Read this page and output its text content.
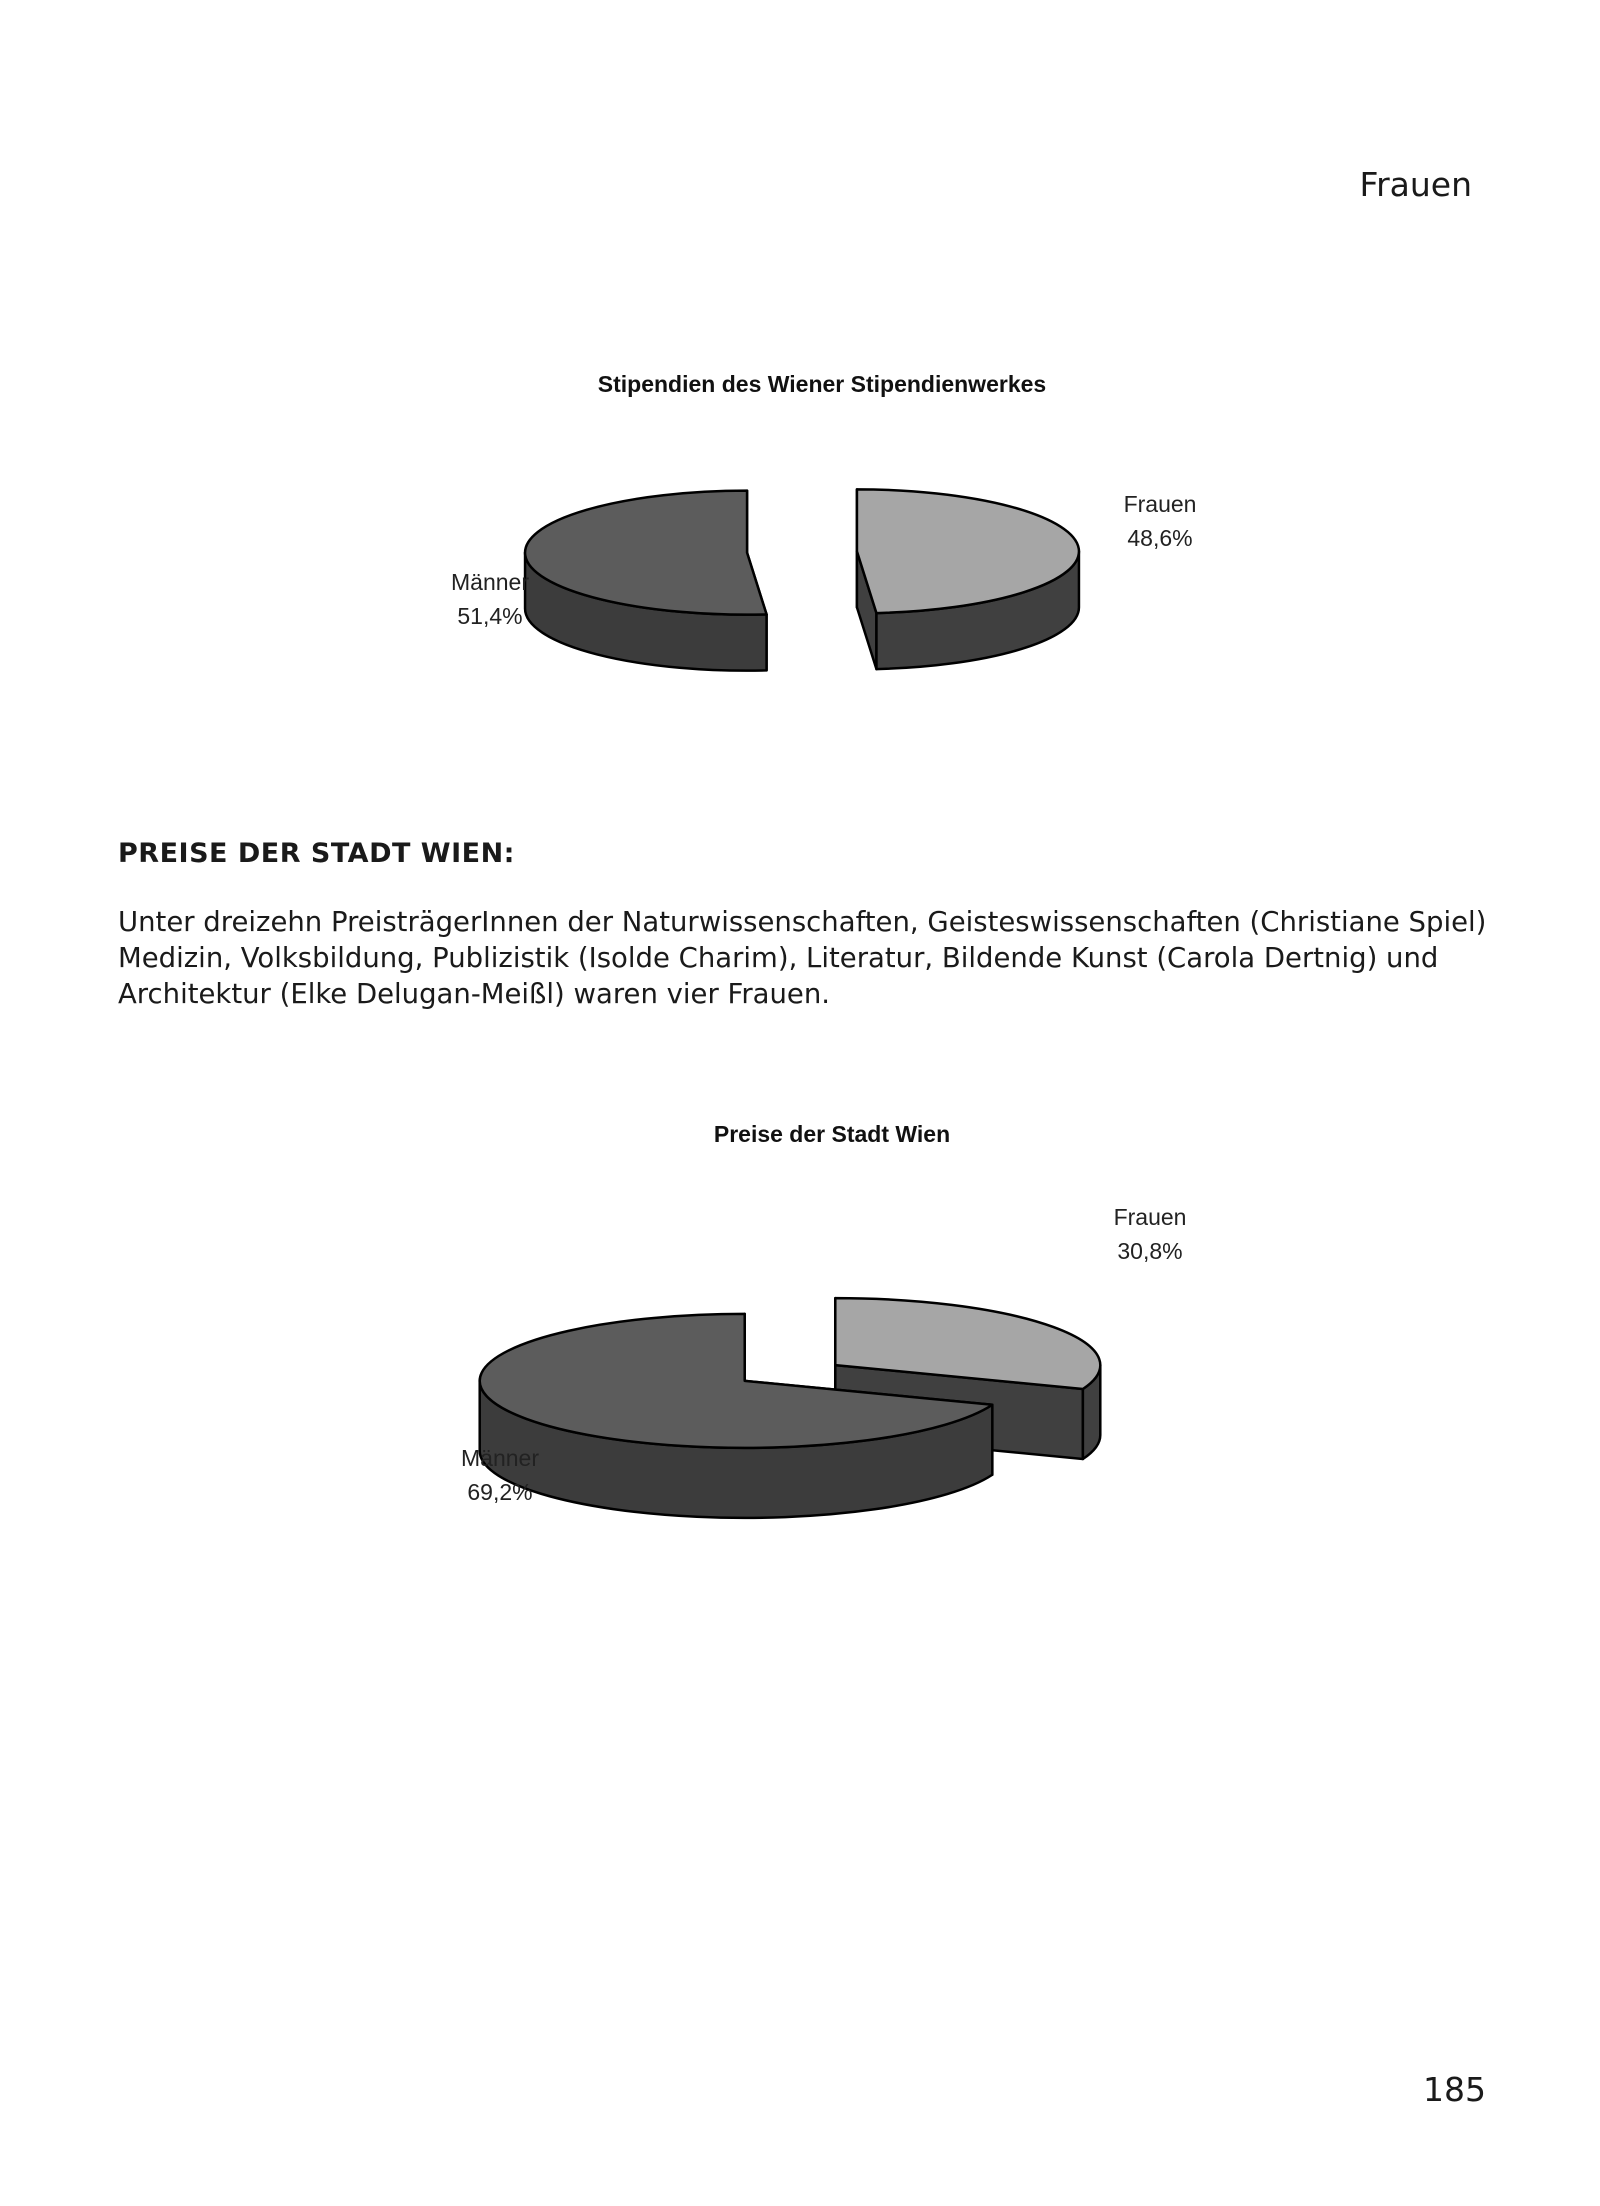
Frauen
Stipendien des Wiener Stipendienwerkes
Männer
51,4%
Frauen
48,6%
PREISE DER STADT WIEN:

Unter dreizehn PreisträgerInnen der Naturwissenschaften, Geisteswissenschaften (Christiane Spiel) Medizin, Volksbildung, Publizistik (Isolde Charim), Literatur, Bildende Kunst (Carola Dertnig) und Architektur (Elke Delugan-Meißl) waren vier Frauen.

Preise der Stadt Wien
Männer
69,2%
Frauen
30,8%
185
